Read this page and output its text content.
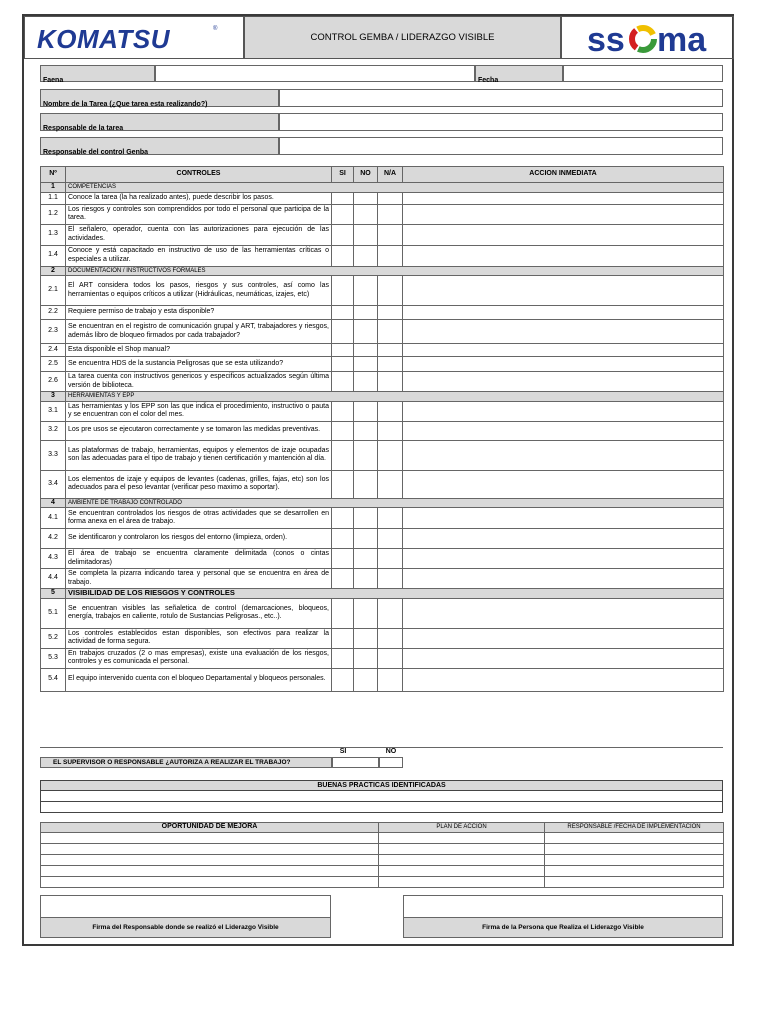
KOMATSU	®
CONTROL GEMBA / LIDERAZGO VISIBLE	ss ma
Faena	Fecha
Nombre de la Tarea (¿Que tarea esta realizando?)
Responsable de la tarea
Responsable del control Genba
Nº	CONTROLES	SI	NO	N/A	ACCION INMEDIATA
1	COMPETENCIAS				
1.1	Conoce la tarea (la ha realizado antes), puede describir los pasos.				
1.2	Los riesgos y controles son comprendidos por todo el personal que participa de la tarea.				
1.3	El señalero, operador, cuenta con las autorizaciones para ejecución de las actividades.				
1.4	Conoce y está capacitado en instructivo de uso de las herramientas críticas o especiales a utilizar.				
2	DOCUMENTACION / INSTRUCTIVOS FORMALES				
2.1	El ART considera todos los pasos, riesgos y sus controles, así como las herramientas o equipos críticos a utilizar (Hidráulicas, neumáticas, izajes, etc)				
2.2	Requiere permiso de trabajo y esta disponible?				
2.3	Se encuentran en el registro de comunicación grupal y ART, trabajadores y riesgos, además libro de bloqueo firmados por cada trabajador?				
2.4	Esta disponible el Shop manual?				
2.5	Se encuentra HDS de la sustancia Peligrosas que se esta utilizando?				
2.6	La tarea cuenta con instructivos genericos y especificos actualizados según última versión de biblioteca.				
3	HERRAMIENTAS Y EPP				
3.1	Las herramientas y los EPP son las que indica el procedimiento, instructivo o pauta y se encuentran con el color del mes.				
3.2	Los pre usos se ejecutaron correctamente y se tomaron las medidas preventivas.				
3.3	Las plataformas de trabajo, herramientas, equipos y elementos de izaje ocupadas son las adecuadas para el tipo de trabajo y tienen certificación y mantención al día.				
3.4	Los elementos de izaje y equipos de levantes (cadenas, grilles, fajas, etc) son los adecuados para el peso levantar (verificar peso maximo a soportar).				
4	AMBIENTE DE TRABAJO CONTROLADO				
4.1	Se encuentran controlados los riesgos de otras actividades que se desarrollen en forma anexa en el área de trabajo.				
4.2	Se identificaron y controlaron los riesgos del entorno (limpieza, orden).				
4.3	El área de trabajo se encuentra claramente delimitada (conos o cintas delimitadoras)				
4.4	Se completa la pizarra indicando tarea y personal que se encuentra en área de trabajo.				
5	VISIBILIDAD DE LOS RIESGOS Y CONTROLES				
5.1	Se encuentran visibles las señaletica de control (demarcaciones, bloqueos, energía, trabajos en caliente, rotulo de Sustancias Peligrosas., etc..).				
5.2	Los controles establecidos estan disponibles, son efectivos para realizar la actividad de forma segura.				
5.3	En trabajos cruzados (2 o mas empresas), existe una evaluación de los riesgos, controles y es comunicada el personal.				
5.4	El equipo intervenido cuenta con el bloqueo Departamental y bloqueos personales.				
SI	NO
EL SUPERVISOR O RESPONSABLE ¿AUTORIZA A REALIZAR EL TRABAJO?
BUENAS PRACTICAS IDENTIFICADAS
OPORTUNIDAD DE MEJORA	PLAN DE ACCION	RESPONSABLE /FECHA DE IMPLEMENTACIÓN

Firma del Responsable donde se realizó el Liderazgo Visible	Firma de la Persona que Realiza el Liderazgo Visible
